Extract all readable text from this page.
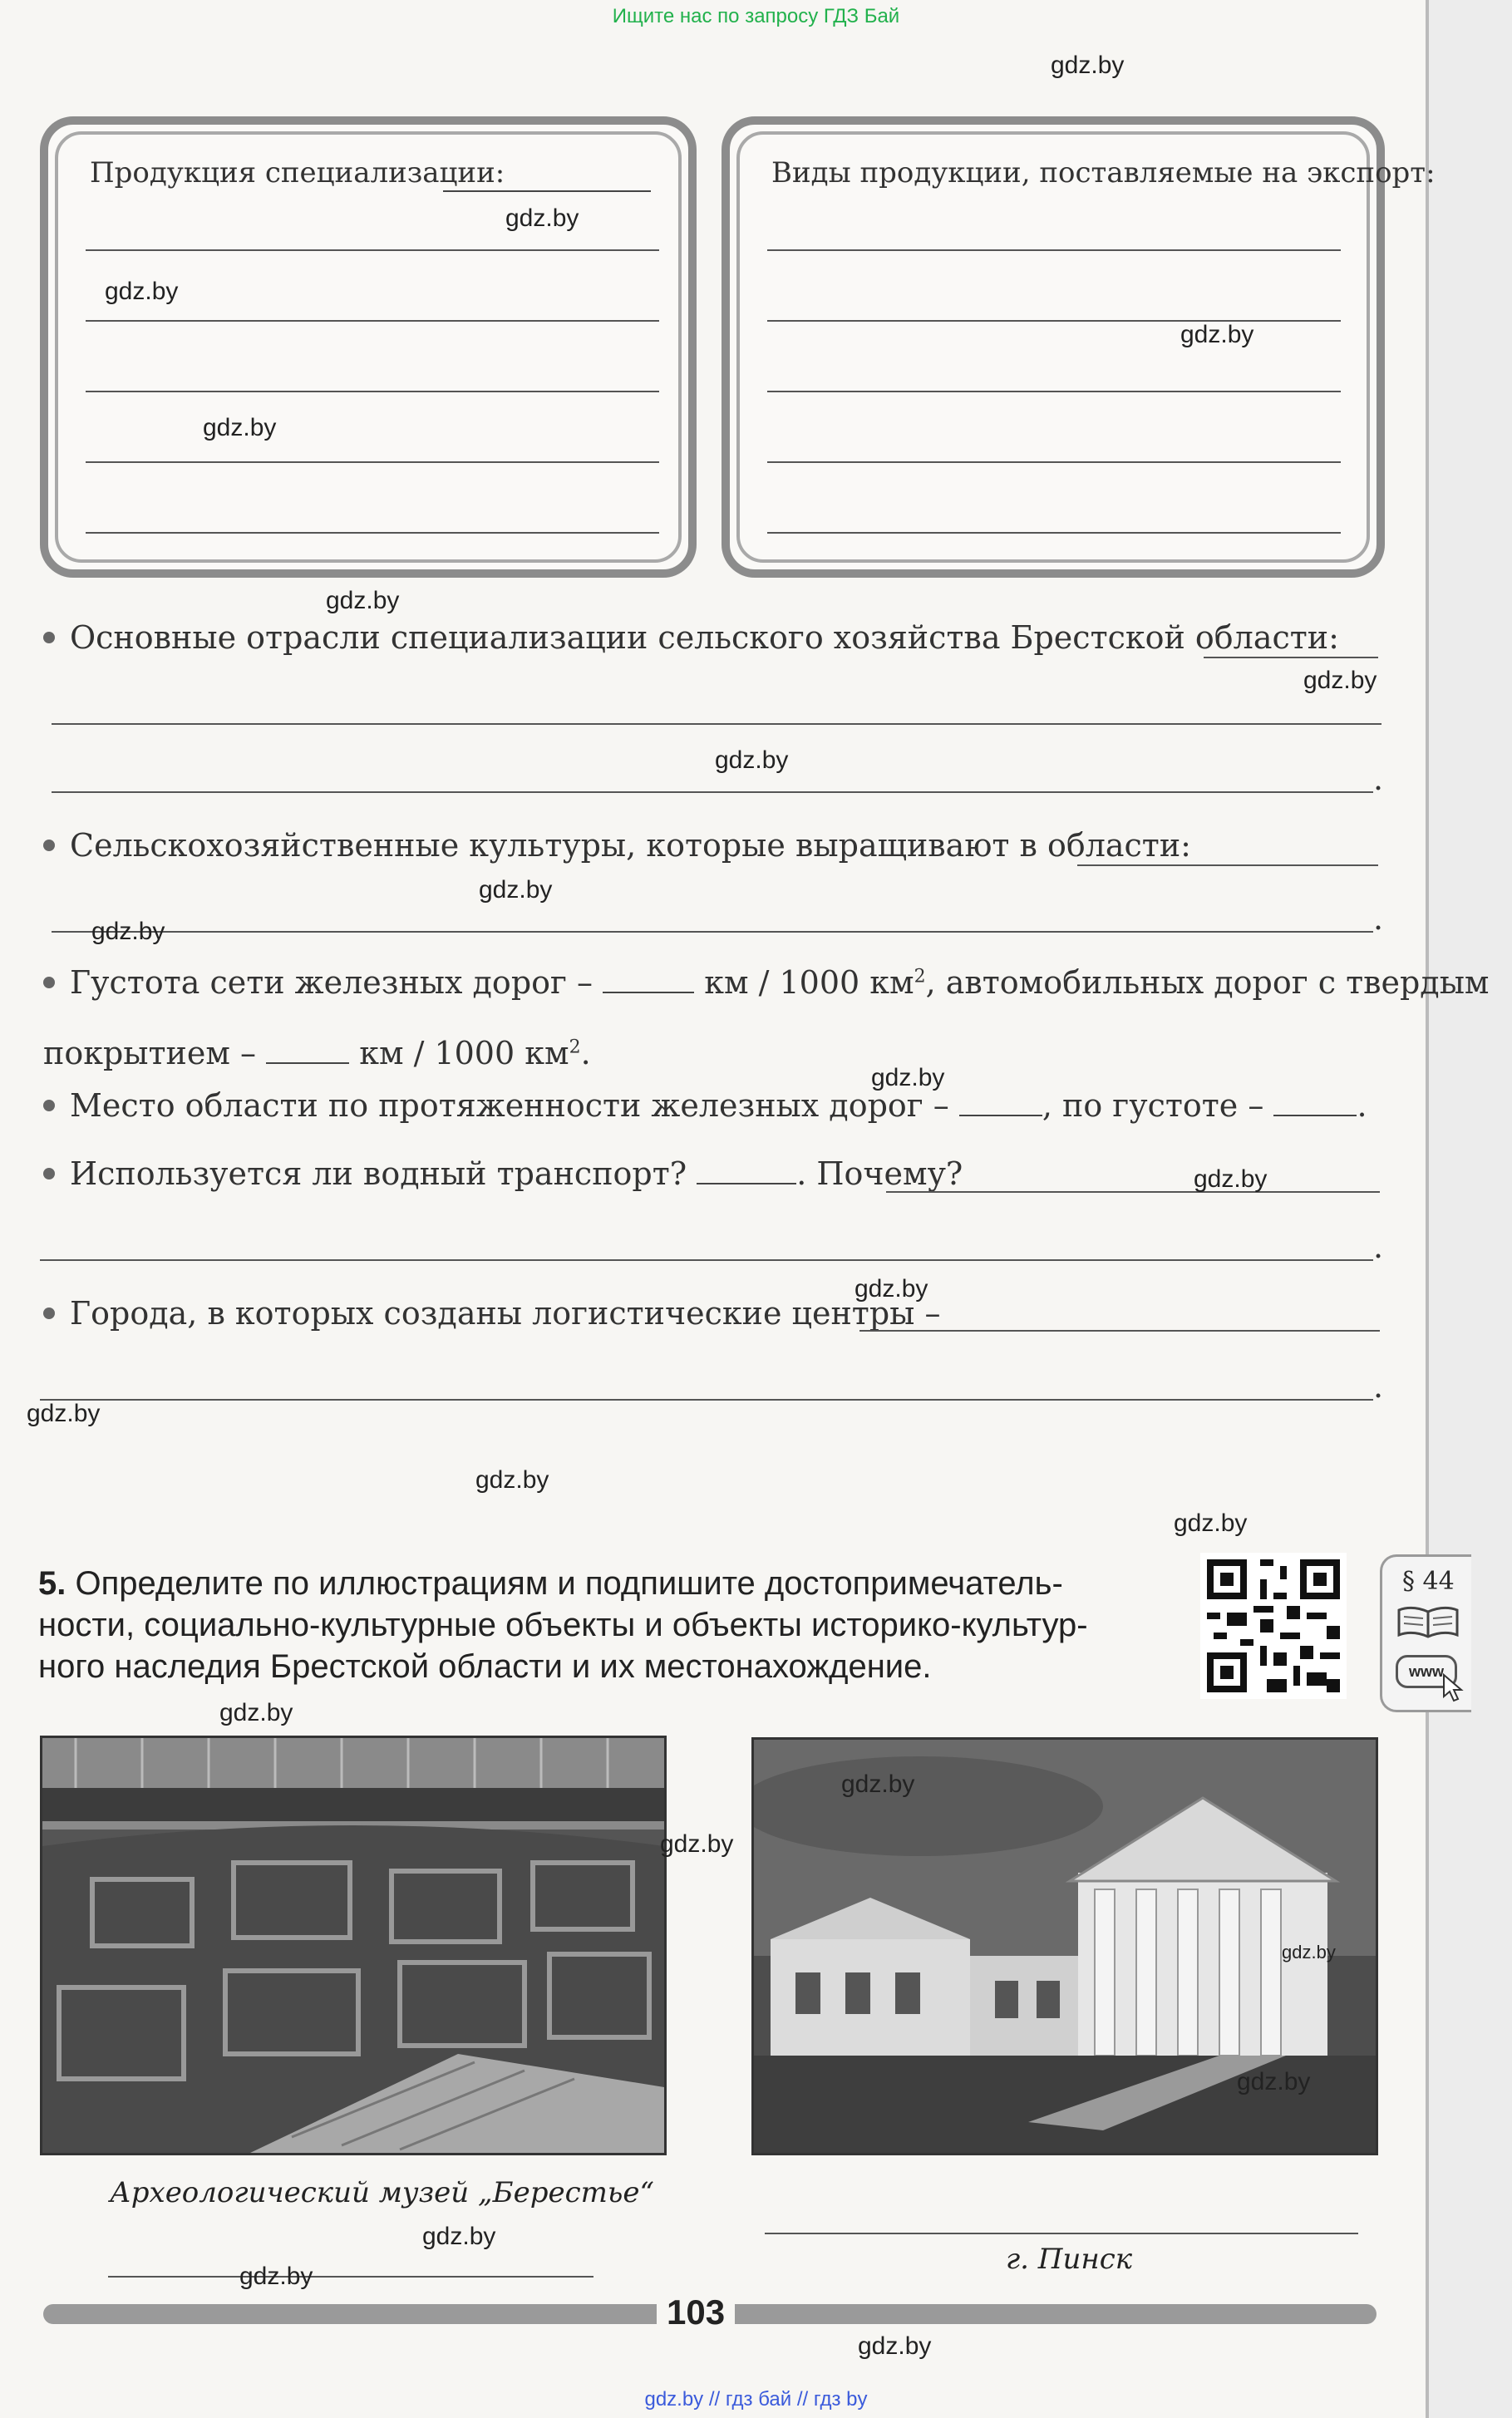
Ищите нас по запросу ГДЗ Бай
Продукция специализации:	Виды продукции, поставляемые на экспорт:
Основные отрасли специализации сельского хозяйства Брестской области:
.
Сельскохозяйственные культуры, которые выращивают в области:
.
Густота сети железных дорог –	км / 1000 $км^2$, автомобильных дорог с твердым
покрытием –	км / 1000 $км^2$.
Место области по протяженности железных дорог –	, по густоте –	.
Используется ли водный транспорт?	. Почему?
.
Города, в которых созданы логистические центры –
.
5. Определите по иллюстрациям и подпишите достопримечатель-
ности, социально-культурные объекты и объекты историко-культур-
ного наследия Брестской области и их местонахождение.
§ 44
www
Археологический музей „Берестье“
г. Пинск
103
gdz.by
gdz.by
gdz.by
gdz.by
gdz.by
gdz.by
gdz.by
gdz.by
gdz.by
gdz.by
gdz.by
gdz.by
gdz.by
gdz.by
gdz.by
gdz.by
gdz.by
gdz.by
gdz.by
gdz.by
gdz.by
gdz.by
gdz.by
gdz.by
gdz.by // гдз бай // гдз by
